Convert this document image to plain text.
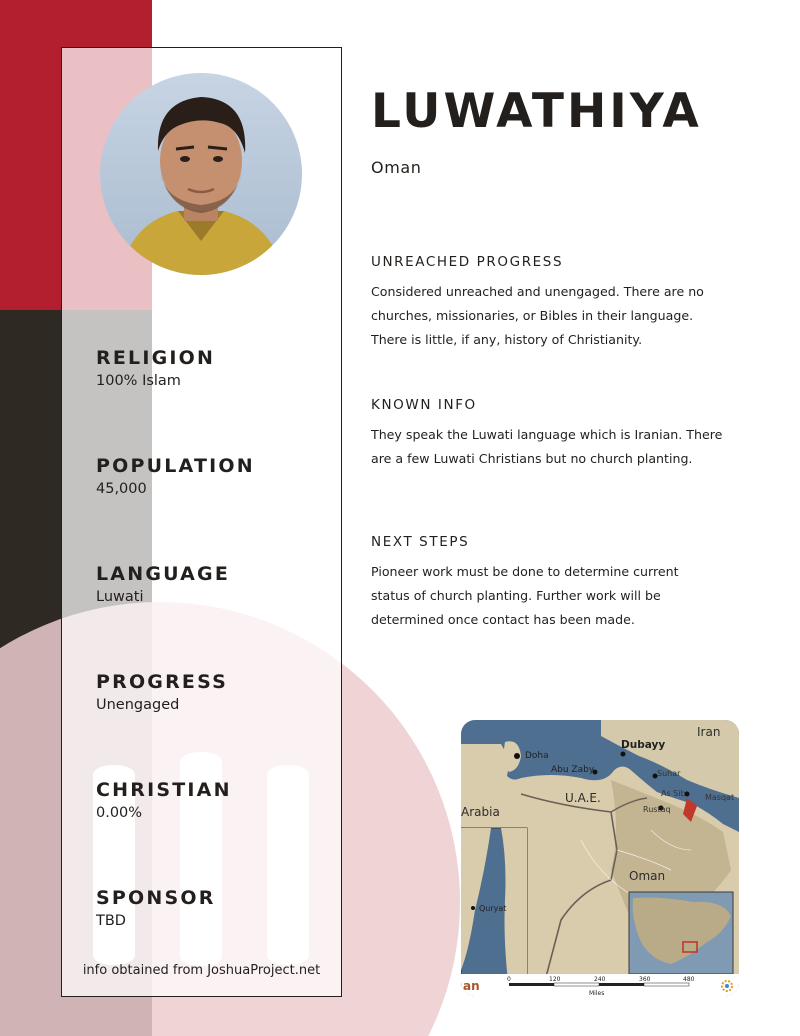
RELIGION
100% Islam
POPULATION
45,000
LANGUAGE
Luwati
PROGRESS
Unengaged
CHRISTIAN
0.00%
SPONSOR
TBD
info obtained from JoshuaProject.net
LUWATHIYA
Oman
UNREACHED PROGRESS
Considered unreached and unengaged. There are no
churches, missionaries, or Bibles in their language.
There is little, if any, history of Christianity.
KNOWN INFO
They speak the Luwati language which is Iranian. There
are a few Luwati Christians but no church planting.
NEXT STEPS
Pioneer work must be done to determine current
status of church planting. Further work will be
determined once contact has been made.
Iran
Doha
Dubayy
Abu Zaby	Suhar
As Sib
Rustaq
Masqat
U.A.E.
Arabia
Oman
Quryat
an	0	120	240	360	480
Miles
